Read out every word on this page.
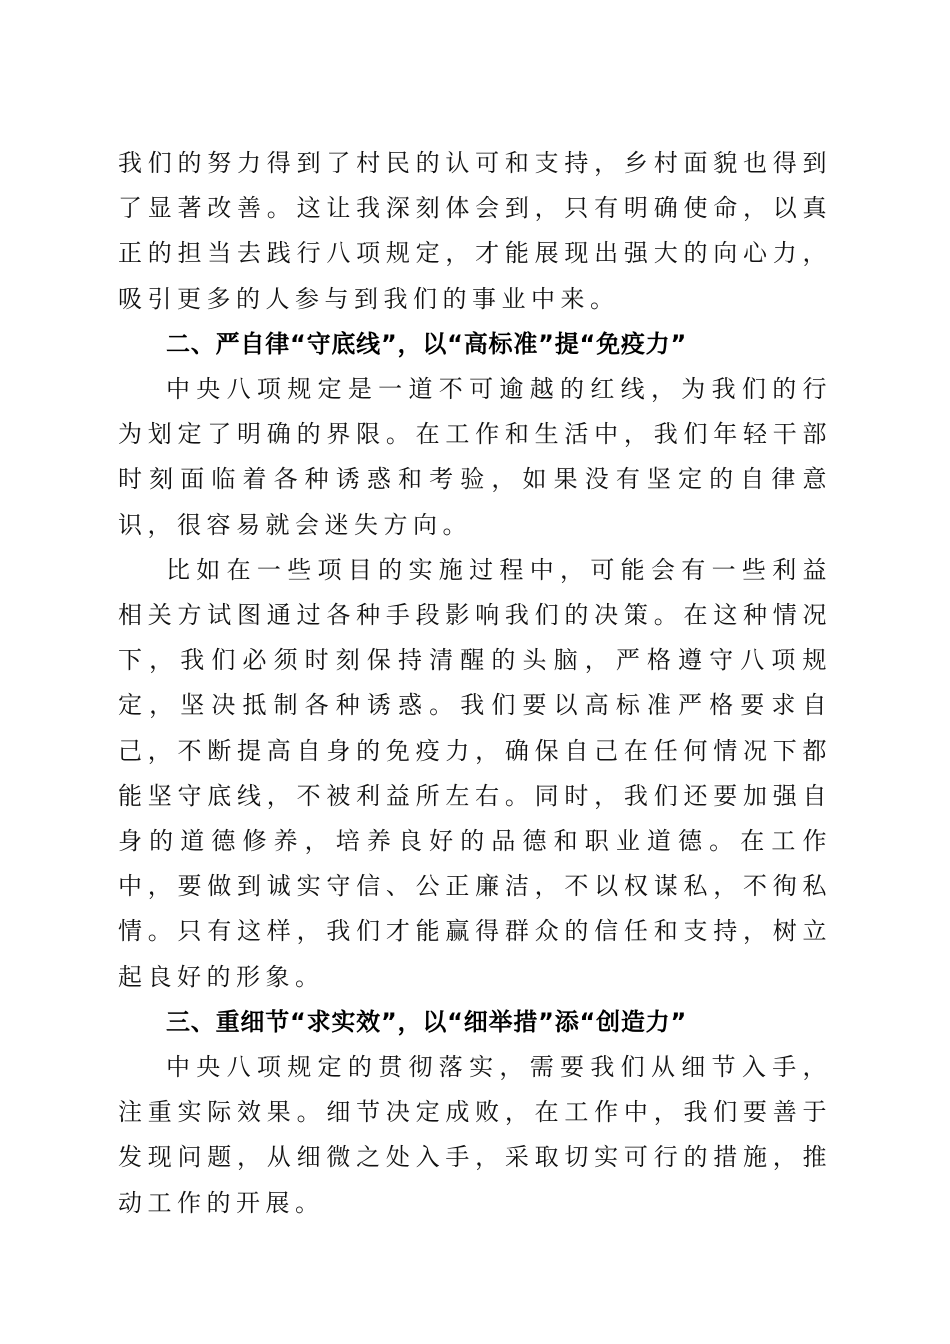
我们的努力得到了村民的认可和支持，乡村面貌也得到了显著改善。这让我深刻体会到，只有明确使命，以真正的担当去践行八项规定，才能展现出强大的向心力，吸引更多的人参与到我们的事业中来。

二、严自律“守底线”，以“高标准”提“免疫力”

中央八项规定是一道不可逾越的红线，为我们的行为划定了明确的界限。在工作和生活中，我们年轻干部时刻面临着各种诱惑和考验，如果没有坚定的自律意识，很容易就会迷失方向。

比如在一些项目的实施过程中，可能会有一些利益相关方试图通过各种手段影响我们的决策。在这种情况下，我们必须时刻保持清醒的头脑，严格遵守八项规定，坚决抵制各种诱惑。我们要以高标准严格要求自己，不断提高自身的免疫力，确保自己在任何情况下都能坚守底线，不被利益所左右。同时，我们还要加强自身的道德修养，培养良好的品德和职业道德。在工作中，要做到诚实守信、公正廉洁，不以权谋私，不徇私情。只有这样，我们才能赢得群众的信任和支持，树立起良好的形象。

三、重细节“求实效”，以“细举措”添“创造力”

中央八项规定的贯彻落实，需要我们从细节入手，注重实际效果。细节决定成败，在工作中，我们要善于发现问题，从细微之处入手，采取切实可行的措施，推动工作的开展。
